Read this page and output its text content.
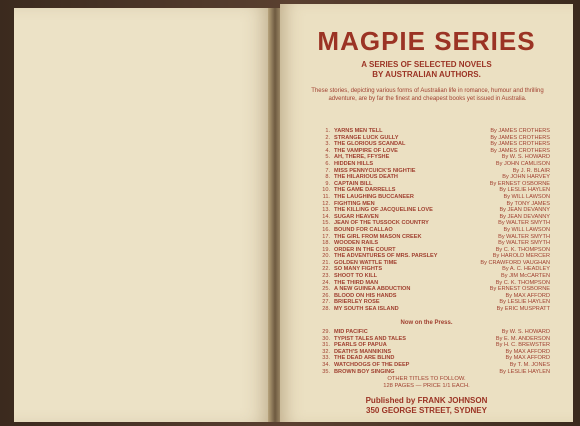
MAGPIE SERIES
A SERIES OF SELECTED NOVELS
BY AUSTRALIAN AUTHORS.
These stories, depicting various forms of Australian life in romance, humour and thrilling adventure, are by far the finest and cheapest books yet issued in Australia.
1. YARNS MEN TELL	By JAMES CROTHERS
2. STRANGE LUCK GULLY	By JAMES CROTHERS
3. THE GLORIOUS SCANDAL	By JAMES CROTHERS
4. THE VAMPIRE OF LOVE	By JAMES CROTHERS
5. AH, THERE, FFYSHE	By W. S. HOWARD
6. HIDDEN HILLS	By JOHN CAMLISON
7. MISS PENNYCUICK'S NIGHTIE	By J. R. BLAIR
8. THE HILARIOUS DEATH	By JOHN HARVEY
9. CAPTAIN BILL	By ERNEST OSBORNE
10. THE GAME DARRELLS	By LESLIE HAYLEN
11. THE LAUGHING BUCCANEER	By WILL LAWSON
12. FIGHTING MEN	By TONY JAMES
13. THE KILLING OF JACQUELINE LOVE	By JEAN DEVANNY
14. SUGAR HEAVEN	By JEAN DEVANNY
15. JEAN OF THE TUSSOCK COUNTRY	By WALTER SMYTH
16. BOUND FOR CALLAO	By WILL LAWSON
17. THE GIRL FROM MASON CREEK	By WALTER SMYTH
18. WOODEN RAILS	By WALTER SMYTH
19. ORDER IN THE COURT	By C. K. THOMPSON
20. THE ADVENTURES OF MRS. PARSLEY	By HAROLD MERCER
21. GOLDEN WATTLE TIME	By CRAWFORD VAUGHAN
22. SO MANY FIGHTS	By A. C. HEADLEY
23. SHOOT TO KILL	By JIM McCARTEN
24. THE THIRD MAN	By C. K. THOMPSON
25. A NEW GUINEA ABDUCTION	By ERNEST OSBORNE
26. BLOOD ON HIS HANDS	By MAX AFFORD
27. BRIERLEY ROSE	By LESLIE HAYLEN
28. MY SOUTH SEA ISLAND	By ERIC MUSPRATT
Now on the Press.
29. MID PACIFIC	By W. S. HOWARD
30. TYPIST TALES AND TALES	By E. M. ANDERSON
31. PEARLS OF PAPUA	By H. C. BREWSTER
32. DEATH'S MANNIKINS	By MAX AFFORD
33. THE DEAD ARE BLIND	By MAX AFFORD
34. WATCHDOGS OF THE DEEP	By T. M. JONES
35. BROWN BOY SINGING	By LESLIE HAYLEN
OTHER TITLES TO FOLLOW.
128 PAGES — PRICE 1/1 EACH.
Published by FRANK JOHNSON
350 GEORGE STREET, SYDNEY
